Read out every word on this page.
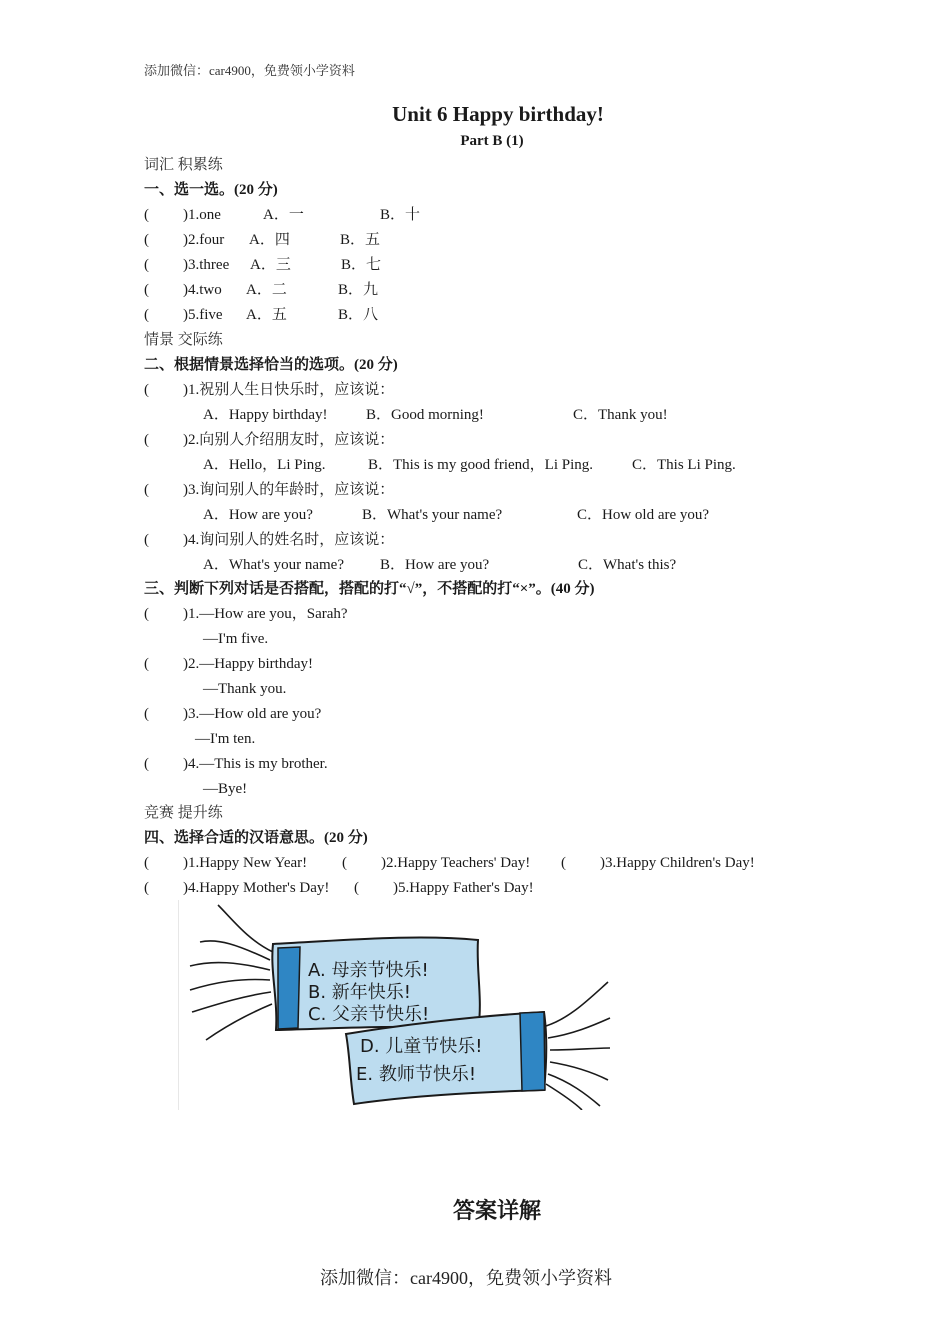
添加微信：car4900，免费领小学资料
Unit 6 Happy birthday!
Part B (1)
词汇 积累练
一、选一选。(20 分)
( )1.one	A．一	B．十
( )2.four A．四	B．五
( )3.three A．三	B．七
( )4.two A．二	B．九
( )5.five A．五	B．八
情景 交际练
二、根据情景选择恰当的选项。(20 分)
( )1.祝别人生日快乐时，应该说：
A．Happy birthday!	B．Good morning!	C．Thank you!
( )2.向别人介绍朋友时，应该说：
A．Hello，Li Ping.	B．This is my good friend，Li Ping.	C．This Li Ping.
( )3.询问别人的年龄时，应该说：
A．How are you?	B．What's your name?	C．How old are you?
( )4.询问别人的姓名时，应该说：
A．What's your name? B．How are you?	C．What's this?
三、判断下列对话是否搭配，搭配的打“√”，不搭配的打“×”。(40 分)
( )1.—How are you，Sarah?
—I'm five.
( )2.—Happy birthday!
—Thank you.
( )3.—How old are you?
—I'm ten.
( )4.—This is my brother.
—Bye!
竞赛 提升练
四、选择合适的汉语意思。(20 分)
( )1.Happy New Year! ( )2.Happy Teachers' Day! ( )3.Happy Children's Day!
( )4.Happy Mother's Day! ( )5.Happy Father's Day!
A. 母亲节快乐!
B. 新年快乐!
C. 父亲节快乐!
D. 儿童节快乐!
E. 教师节快乐!
答案详解
添加微信：car4900，免费领小学资料
